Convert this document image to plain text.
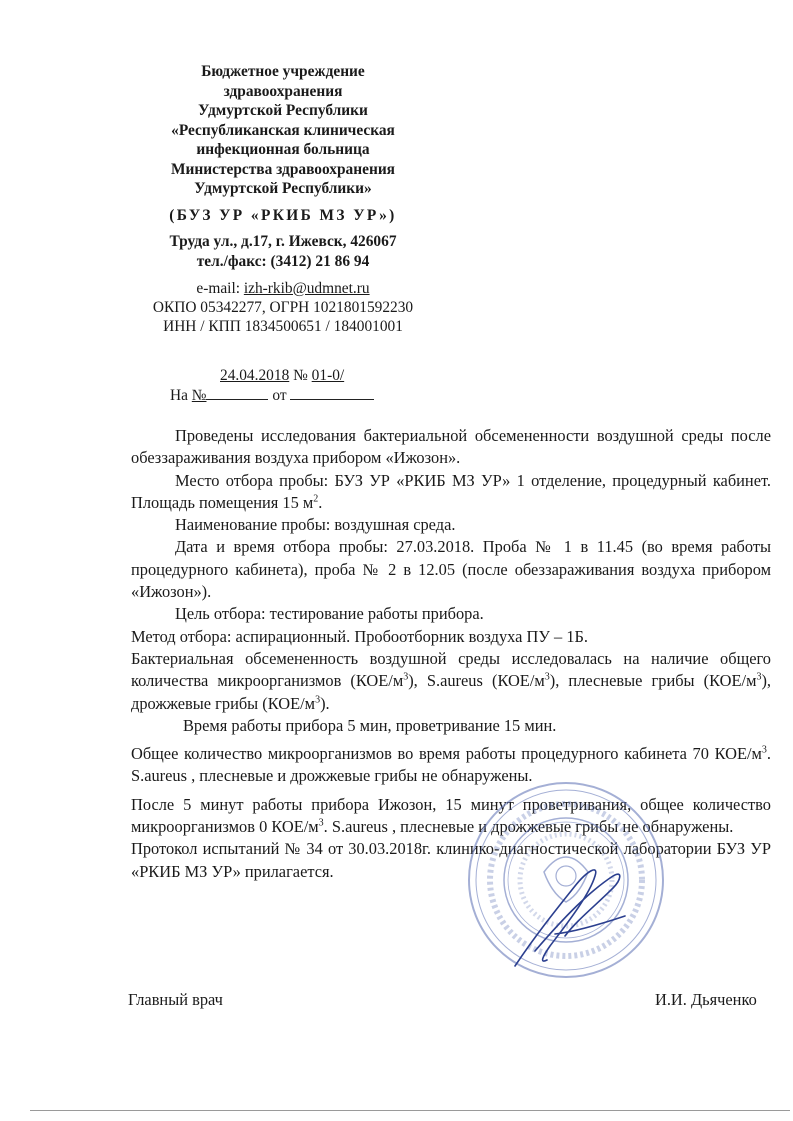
Бюджетное учреждение
здравоохранения
Удмуртской Республики
«Республиканская клиническая
инфекционная больница
Министерства здравоохранения
Удмуртской Республики»
(БУЗ УР «РКИБ МЗ УР»)
Труда ул., д.17, г. Ижевск, 426067
тел./факс: (3412) 21 86 94
e-mail: izh-rkib@udmnet.ru
ОКПО 05342277, ОГРН 1021801592230
ИНН / КПП 1834500651 / 184001001
24.04.2018 № 01-0/
На №	от

Проведены исследования бактериальной обсемененности воздушной среды после обеззараживания воздуха прибором «Ижозон».

Место отбора пробы: БУЗ УР «РКИБ МЗ УР» 1 отделение, процедурный кабинет. Площадь помещения 15 $м^2$.

Наименование пробы: воздушная среда.

Дата и время отбора пробы: 27.03.2018. Проба № 1 в 11.45 (во время работы процедурного кабинета), проба № 2 в 12.05 (после обеззараживания воздуха прибором «Ижозон»).

Цель отбора: тестирование работы прибора.

Метод отбора: аспирационный. Пробоотборник воздуха ПУ – 1Б.

Бактериальная обсемененность воздушной среды исследовалась на наличие общего количества микроорганизмов $(КОЕ/м^3)$, S.aureus $(КОЕ/м^3)$, плесневые грибы $(КОЕ/м^3)$, дрожжевые грибы $(КОЕ/м^3)$.

Время работы прибора 5 мин, проветривание 15 мин.

Общее количество микроорганизмов во время работы процедурного кабинета 70 КОЕ/$м^3$. S.aureus , плесневые и дрожжевые грибы не обнаружены.

После 5 минут работы прибора Ижозон, 15 минут проветривания, общее количество микроорганизмов 0 КОЕ/$м^3$. S.aureus , плесневые и дрожжевые грибы не обнаружены.

Протокол испытаний № 34 от 30.03.2018г. клинико-диагностической лаборатории БУЗ УР «РКИБ МЗ УР» прилагается.

Главный врач	И.И. Дьяченко
